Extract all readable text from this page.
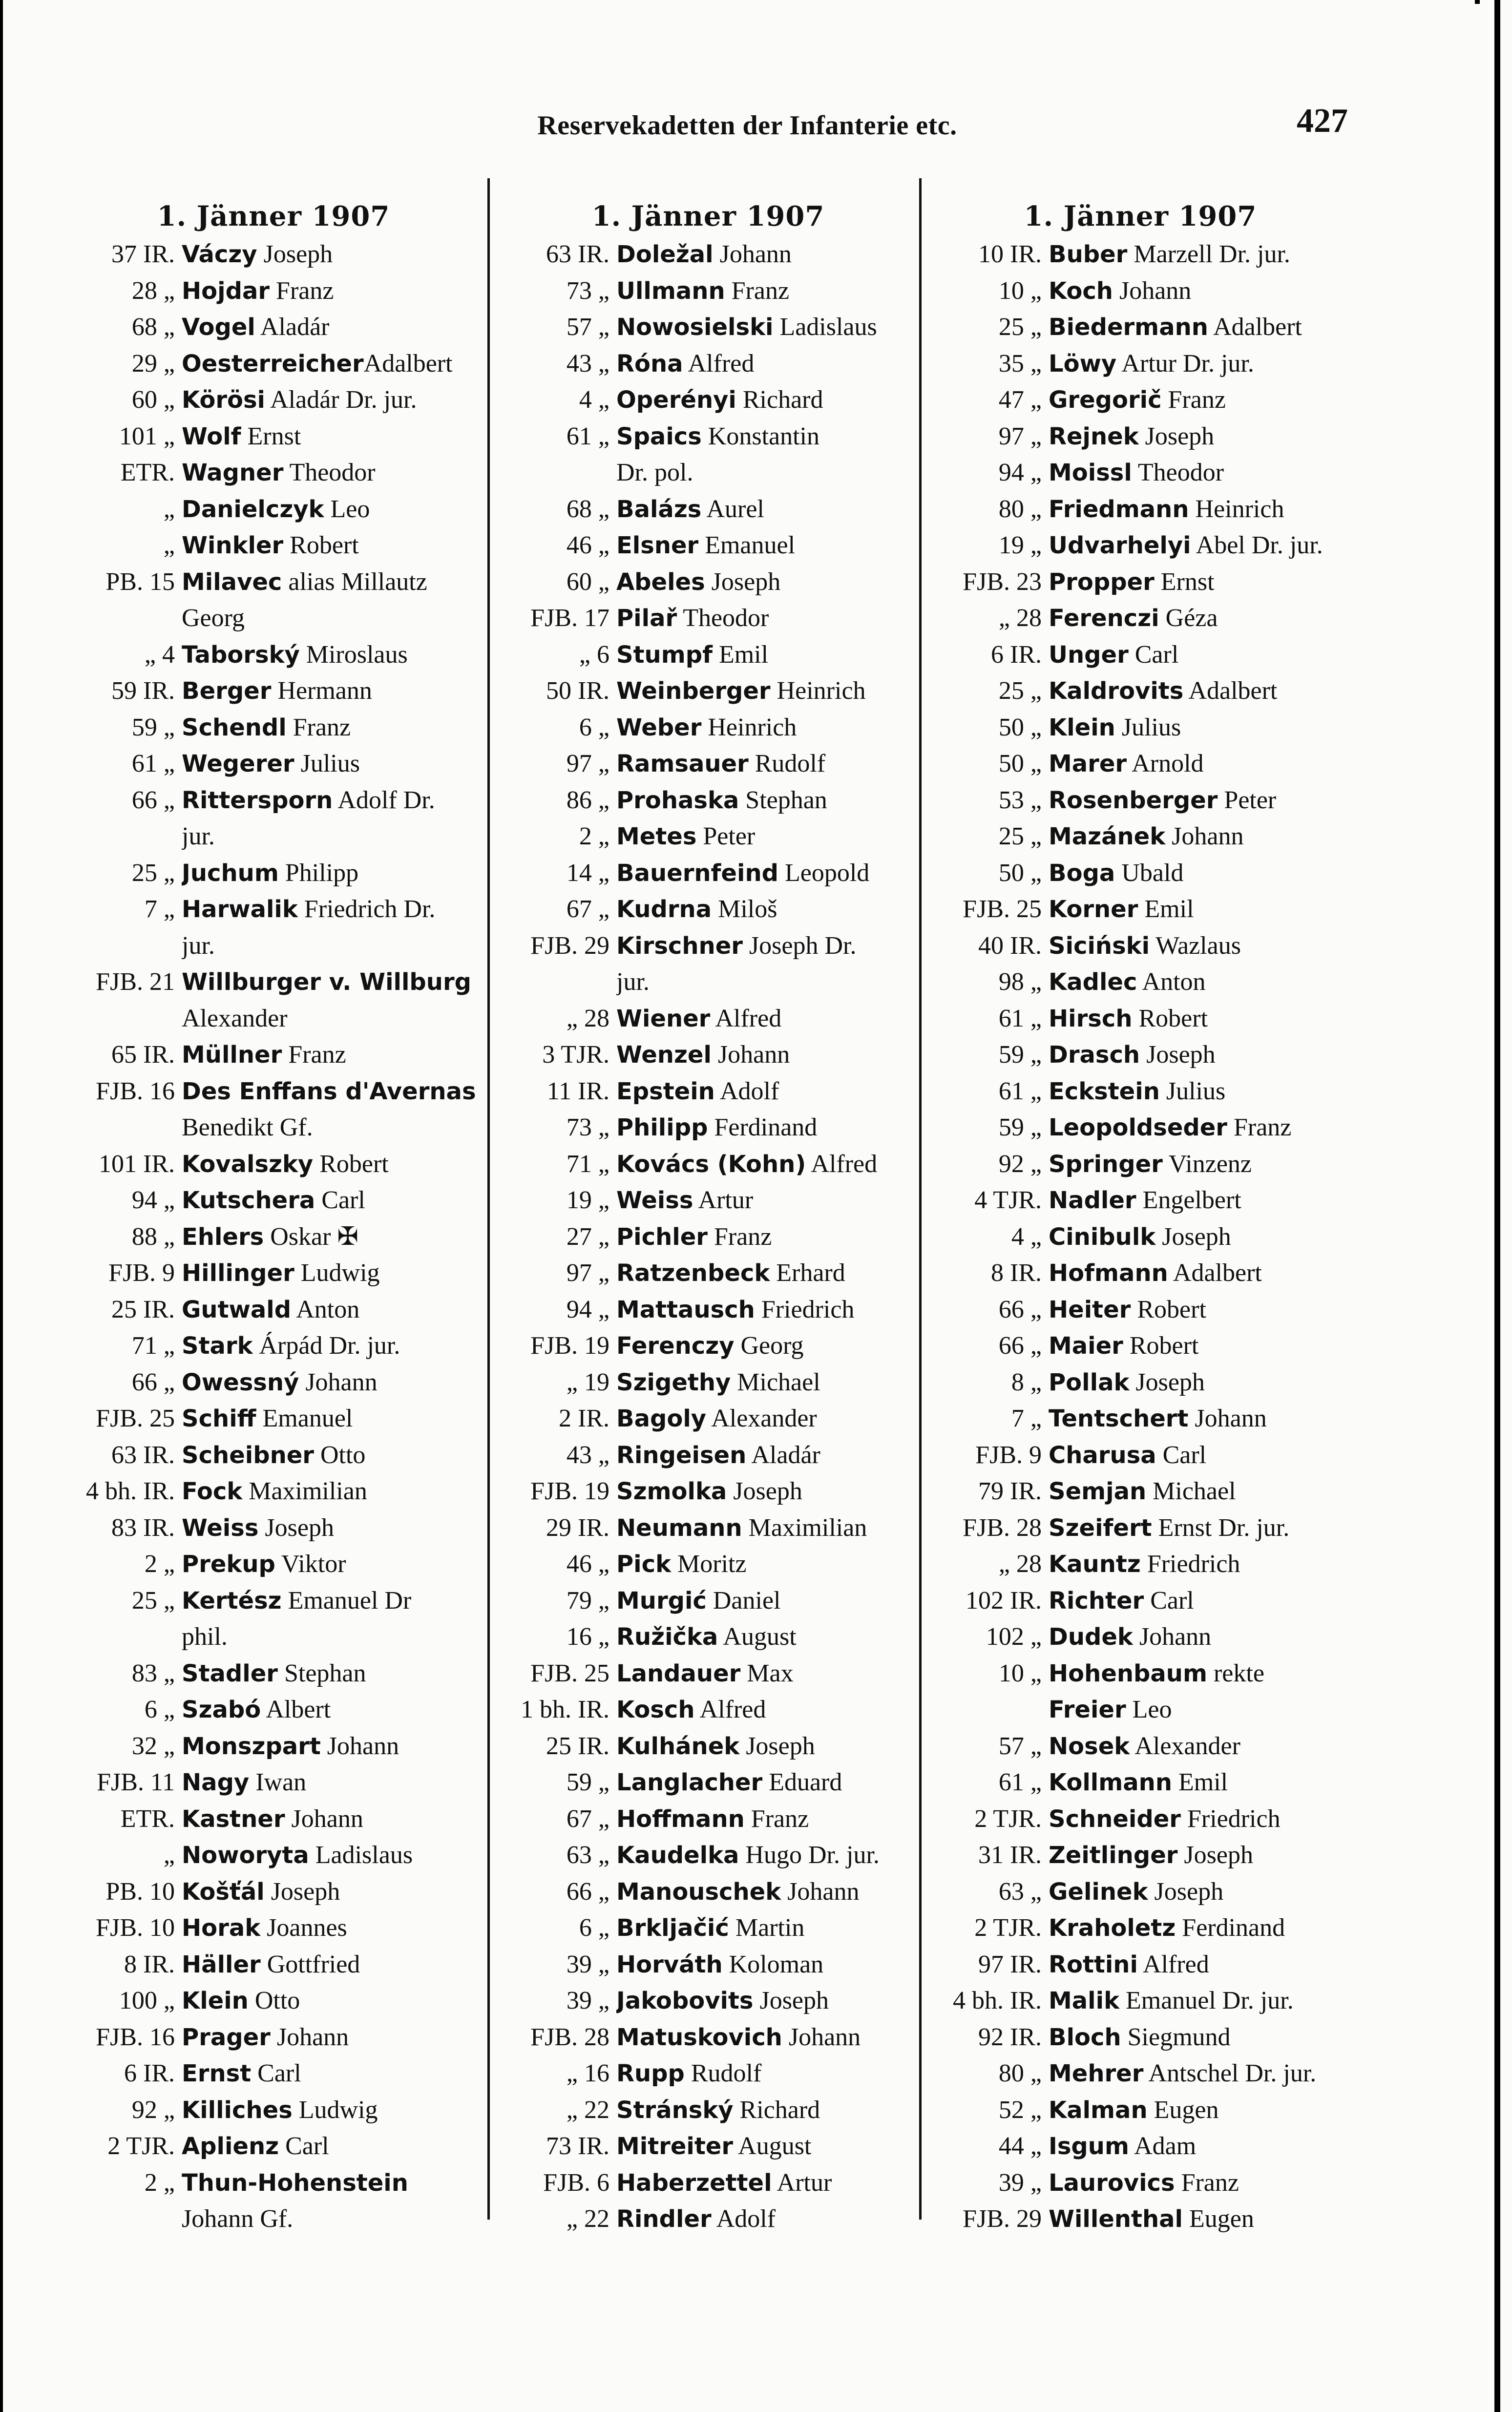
Reservekadetten der Infanterie etc.	427
1. Jänner 1907
37 IR. Váczy Joseph
28 „ Hojdar Franz
68 „ Vogel Aladár
29 „ OesterreicherAdalbert
60 „ Körösi Aladár Dr. jur.
101 „ Wolf Ernst
ETR. Wagner Theodor
„ Danielczyk Leo
„ Winkler Robert
PB. 15 Milavec alias Millautz
Georg
„ 4 Taborský Miroslaus
59 IR. Berger Hermann
59 „ Schendl Franz
61 „ Wegerer Julius
66 „ Rittersporn Adolf Dr.
jur.
25 „ Juchum Philipp
7 „ Harwalik Friedrich Dr.
jur.
FJB. 21 Willburger v. Willburg
Alexander
65 IR. Müllner Franz
FJB. 16 Des Enffans d'Avernas
Benedikt Gf.
101 IR. Kovalszky Robert
94 „ Kutschera Carl
88 „ Ehlers Oskar ✠
FJB. 9 Hillinger Ludwig
25 IR. Gutwald Anton
71 „ Stark Árpád Dr. jur.
66 „ Owessný Johann
FJB. 25 Schiff Emanuel
63 IR. Scheibner Otto
4 bh. IR. Fock Maximilian
83 IR. Weiss Joseph
2 „ Prekup Viktor
25 „ Kertész Emanuel Dr
phil.
83 „ Stadler Stephan
6 „ Szabó Albert
32 „ Monszpart Johann
FJB. 11 Nagy Iwan
ETR. Kastner Johann
„ Noworyta Ladislaus
PB. 10 Košťál Joseph
FJB. 10 Horak Joannes
8 IR. Häller Gottfried
100 „ Klein Otto
FJB. 16 Prager Johann
6 IR. Ernst Carl
92 „ Killiches Ludwig
2 TJR. Aplienz Carl
2 „ Thun-Hohenstein
Johann Gf.
1. Jänner 1907
63 IR. Doležal Johann
73 „ Ullmann Franz
57 „ Nowosielski Ladislaus
43 „ Róna Alfred
4 „ Operényi Richard
61 „ Spaics Konstantin
Dr. pol.
68 „ Balázs Aurel
46 „ Elsner Emanuel
60 „ Abeles Joseph
FJB. 17 Pilař Theodor
„ 6 Stumpf Emil
50 IR. Weinberger Heinrich
6 „ Weber Heinrich
97 „ Ramsauer Rudolf
86 „ Prohaska Stephan
2 „ Metes Peter
14 „ Bauernfeind Leopold
67 „ Kudrna Miloš
FJB. 29 Kirschner Joseph Dr.
jur.
„ 28 Wiener Alfred
3 TJR. Wenzel Johann
11 IR. Epstein Adolf
73 „ Philipp Ferdinand
71 „ Kovács (Kohn) Alfred
19 „ Weiss Artur
27 „ Pichler Franz
97 „ Ratzenbeck Erhard
94 „ Mattausch Friedrich
FJB. 19 Ferenczy Georg
„ 19 Szigethy Michael
2 IR. Bagoly Alexander
43 „ Ringeisen Aladár
FJB. 19 Szmolka Joseph
29 IR. Neumann Maximilian
46 „ Pick Moritz
79 „ Murgić Daniel
16 „ Ružička August
FJB. 25 Landauer Max
1 bh. IR. Kosch Alfred
25 IR. Kulhánek Joseph
59 „ Langlacher Eduard
67 „ Hoffmann Franz
63 „ Kaudelka Hugo Dr. jur.
66 „ Manouschek Johann
6 „ Brkljačić Martin
39 „ Horváth Koloman
39 „ Jakobovits Joseph
FJB. 28 Matuskovich Johann
„ 16 Rupp Rudolf
„ 22 Stránský Richard
73 IR. Mitreiter August
FJB. 6 Haberzettel Artur
„ 22 Rindler Adolf
1. Jänner 1907
10 IR. Buber Marzell Dr. jur.
10 „ Koch Johann
25 „ Biedermann Adalbert
35 „ Löwy Artur Dr. jur.
47 „ Gregorič Franz
97 „ Rejnek Joseph
94 „ Moissl Theodor
80 „ Friedmann Heinrich
19 „ Udvarhelyi Abel Dr. jur.
FJB. 23 Propper Ernst
„ 28 Ferenczi Géza
6 IR. Unger Carl
25 „ Kaldrovits Adalbert
50 „ Klein Julius
50 „ Marer Arnold
53 „ Rosenberger Peter
25 „ Mazánek Johann
50 „ Boga Ubald
FJB. 25 Korner Emil
40 IR. Siciński Wazlaus
98 „ Kadlec Anton
61 „ Hirsch Robert
59 „ Drasch Joseph
61 „ Eckstein Julius
59 „ Leopoldseder Franz
92 „ Springer Vinzenz
4 TJR. Nadler Engelbert
4 „ Cinibulk Joseph
8 IR. Hofmann Adalbert
66 „ Heiter Robert
66 „ Maier Robert
8 „ Pollak Joseph
7 „ Tentschert Johann
FJB. 9 Charusa Carl
79 IR. Semjan Michael
FJB. 28 Szeifert Ernst Dr. jur.
„ 28 Kauntz Friedrich
102 IR. Richter Carl
102 „ Dudek Johann
10 „ Hohenbaum rekte
Freier Leo
57 „ Nosek Alexander
61 „ Kollmann Emil
2 TJR. Schneider Friedrich
31 IR. Zeitlinger Joseph
63 „ Gelinek Joseph
2 TJR. Kraholetz Ferdinand
97 IR. Rottini Alfred
4 bh. IR. Malik Emanuel Dr. jur.
92 IR. Bloch Siegmund
80 „ Mehrer Antschel Dr. jur.
52 „ Kalman Eugen
44 „ Isgum Adam
39 „ Laurovics Franz
FJB. 29 Willenthal Eugen
